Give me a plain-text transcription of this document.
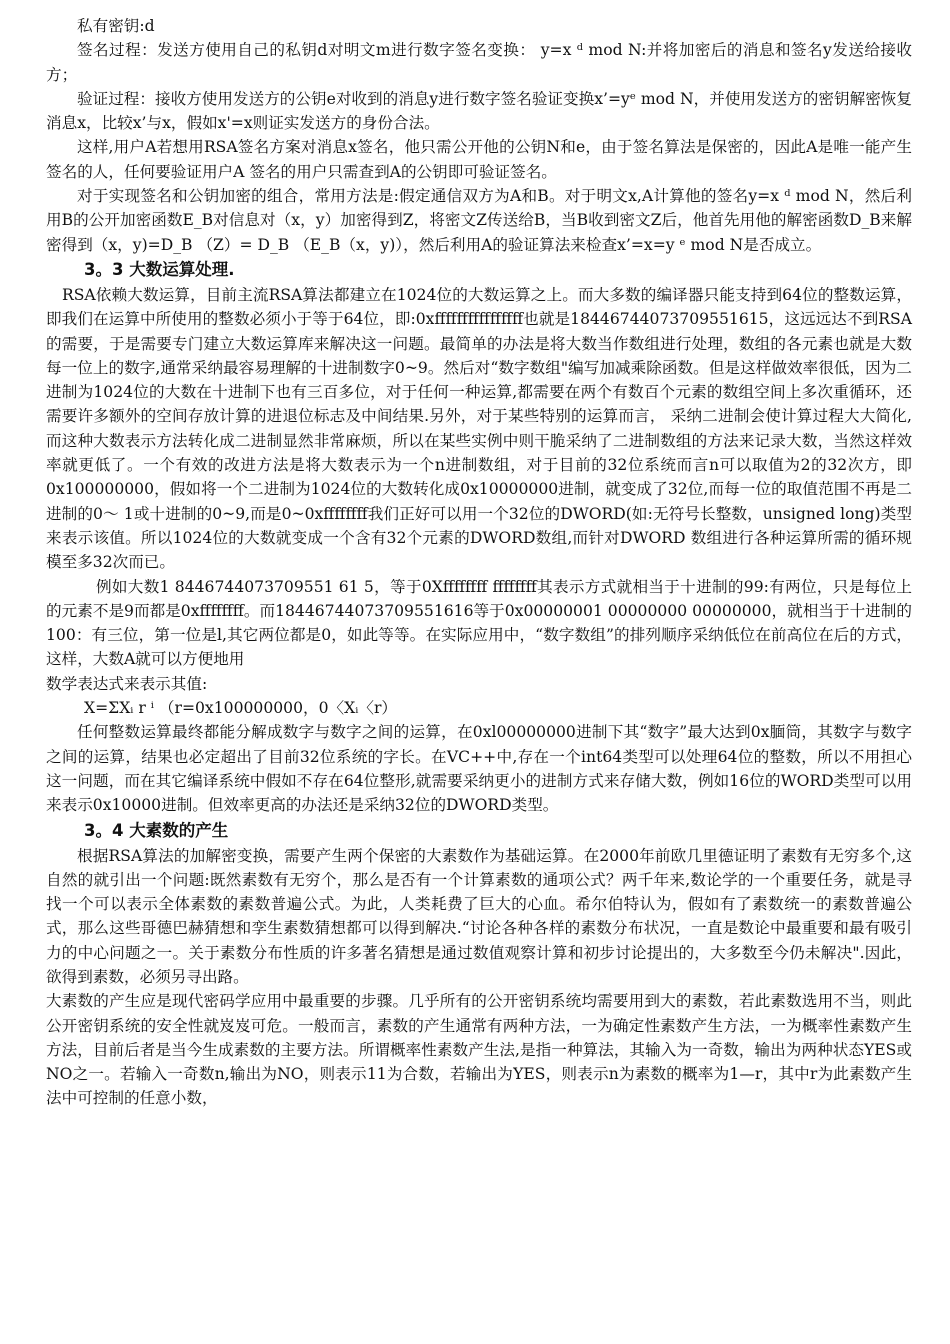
私有密钥:d

签名过程：发送方使用自己的私钥d对明文m进行数字签名变换： y=x ᵈ mod N:并将加密后的消息和签名y发送给接收方；

验证过程：接收方使用发送方的公钥e对收到的消息y进行数字签名验证变换x’=yᵉ mod N，并使用发送方的密钥解密恢复消息x，比较x’与x，假如x'=x则证实发送方的身份合法。

这样,用户A若想用RSA签名方案对消息x签名，他只需公开他的公钥N和e，由于签名算法是保密的，因此A是唯一能产生签名的人，任何要验证用户A 签名的用户只需查到A的公钥即可验证签名。

对于实现签名和公钥加密的组合，常用方法是:假定通信双方为A和B。对于明文x,A计算他的签名y=x ᵈ mod N，然后利用B的公开加密函数E_B对信息对（x，y）加密得到Z，将密文Z传送给B，当B收到密文Z后，他首先用他的解密函数D_B来解密得到（x，y)=D_B （Z）= D_B （E_B（x，y)），然后利用A的验证算法来检查x’=x=y ᵉ mod N是否成立。

3。3 大数运算处理.

RSA依赖大数运算，目前主流RSA算法都建立在1024位的大数运算之上。而大多数的编译器只能支持到64位的整数运算，即我们在运算中所使用的整数必须小于等于64位，即:0xffffffffffffffff也就是18446744073709551615，这远远达不到RSA的需要，于是需要专门建立大数运算库来解决这一问题。最简单的办法是将大数当作数组进行处理，数组的各元素也就是大数每一位上的数字,通常采纳最容易理解的十进制数字0~9。然后对“数字数组"编写加减乘除函数。但是这样做效率很低，因为二进制为1024位的大数在十进制下也有三百多位，对于任何一种运算,都需要在两个有数百个元素的数组空间上多次重循环，还需要许多额外的空间存放计算的进退位标志及中间结果.另外，对于某些特别的运算而言， 采纳二进制会使计算过程大大简化,而这种大数表示方法转化成二进制显然非常麻烦，所以在某些实例中则干脆采纳了二进制数组的方法来记录大数，当然这样效率就更低了。一个有效的改进方法是将大数表示为一个n进制数组，对于目前的32位系统而言n可以取值为2的32次方，即0x100000000，假如将一个二进制为1024位的大数转化成0x10000000进制，就变成了32位,而每一位的取值范围不再是二进制的0～ 1或十进制的0~9,而是0~0xffffffff我们正好可以用一个32位的DWORD(如:无符号长整数，unsigned long)类型来表示该值。所以1024位的大数就变成一个含有32个元素的DWORD数组,而针对DWORD 数组进行各种运算所需的循环规模至多32次而已。

例如大数1 8446744073709551 61 5，等于0Xffffffff ffffffff其表示方式就相当于十进制的99:有两位，只是每位上的元素不是9而都是0xffffffff。而18446744073709551616等于0x00000001 00000000 00000000，就相当于十进制的100：有三位，第一位是l,其它两位都是0，如此等等。在实际应用中，“数字数组”的排列顺序采纳低位在前高位在后的方式，这样，大数A就可以方便地用

数学表达式来表示其值:

X=ΣXᵢ r ⁱ （r=0x100000000，0〈Xᵢ〈r）

任何整数运算最终都能分解成数字与数字之间的运算，在0xl00000000进制下其“数字”最大达到0x腼筒，其数字与数字之间的运算，结果也必定超出了目前32位系统的字长。在VC++中,存在一个int64类型可以处理64位的整数，所以不用担心这一问题，而在其它编译系统中假如不存在64位整形,就需要采纳更小的进制方式来存储大数，例如16位的WORD类型可以用来表示0x10000进制。但效率更高的办法还是采纳32位的DWORD类型。

3。4 大素数的产生

根据RSA算法的加解密变换，需要产生两个保密的大素数作为基础运算。在2000年前欧几里德证明了素数有无穷多个,这自然的就引出一个问题:既然素数有无穷个，那么是否有一个计算素数的通项公式？两千年来,数论学的一个重要任务，就是寻找一个可以表示全体素数的素数普遍公式。为此，人类耗费了巨大的心血。希尔伯特认为，假如有了素数统一的素数普遍公式，那么这些哥德巴赫猜想和孪生素数猜想都可以得到解决.“讨论各种各样的素数分布状况，一直是数论中最重要和最有吸引力的中心问题之一。关于素数分布性质的许多著名猜想是通过数值观察计算和初步讨论提出的，大多数至今仍未解决".因此，欲得到素数，必须另寻出路。

大素数的产生应是现代密码学应用中最重要的步骤。几乎所有的公开密钥系统均需要用到大的素数，若此素数选用不当，则此公开密钥系统的安全性就岌岌可危。一般而言，素数的产生通常有两种方法，一为确定性素数产生方法，一为概率性素数产生方法，目前后者是当今生成素数的主要方法。所谓概率性素数产生法,是指一种算法，其输入为一奇数，输出为两种状态YES或NO之一。若输入一奇数n,输出为NO，则表示11为合数，若输出为YES，则表示n为素数的概率为1—r，其中r为此素数产生法中可控制的任意小数，
